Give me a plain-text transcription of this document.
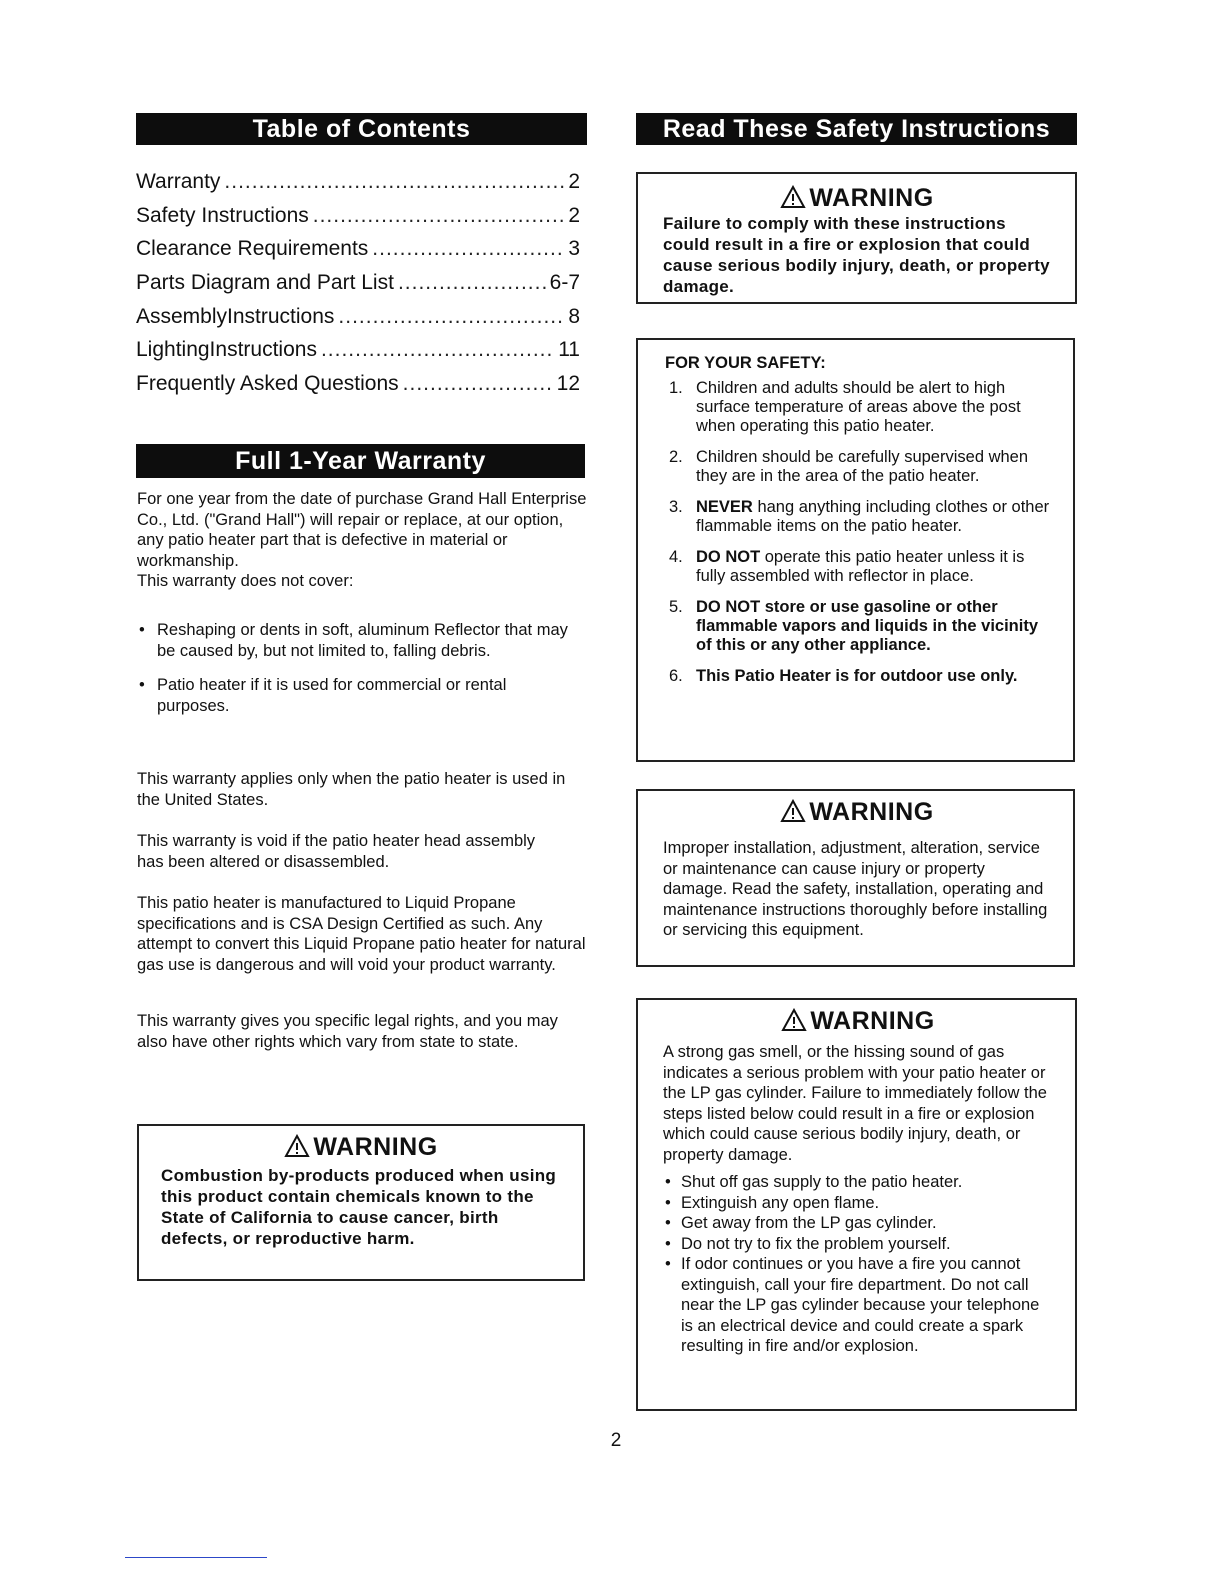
Table of Contents	Read These Safety Instructions
Full 1-Year Warranty
Warranty .....	2
Safety Instructions .....	2
Clearance Requirements .....	3
Parts Diagram and Part List .....	6-7
AssemblyInstructions .....	8
LightingInstructions .....	11
Frequently Asked Questions .....	12

For one year from the date of purchase Grand Hall Enterprise Co., Ltd. ("Grand Hall") will repair or replace, at our option, any patio heater part that is defective in material or workmanship.

This warranty does not cover:

• Reshaping or dents in soft, aluminum Reflector that may be caused by, but not limited to, falling debris.
• Patio heater if it is used for commercial or rental purposes.

This warranty applies only when the patio heater is used in the United States.

This warranty is void if the patio heater head assembly has been altered or disassembled.

This patio heater is manufactured to Liquid Propane specifications and is CSA Design Certified as such. Any attempt to convert this Liquid Propane patio heater for natural gas use is dangerous and will void your product warranty.

This warranty gives you specific legal rights, and you may also have other rights which vary from state to state.

WARNING
Combustion by-products produced when using this product contain chemicals known to the State of California to cause cancer, birth defects, or reproductive harm.
WARNING
Failure to comply with these instructions could result in a fire or explosion that could cause serious bodily injury, death, or property damage.
FOR YOUR SAFETY:
1. Children and adults should be alert to high surface temperature of areas above the post when operating this patio heater.
2. Children should be carefully supervised when they are in the area of the patio heater.
3. NEVER hang anything including clothes or other flammable items on the patio heater.
4. DO NOT operate this patio heater unless it is fully assembled with reflector in place.
5. DO NOT store or use gasoline or other flammable vapors and liquids in the vicinity of this or any other appliance.
6. This Patio Heater is for outdoor use only.
WARNING
Improper installation, adjustment, alteration, service or maintenance can cause injury or property damage. Read the safety, installation, operating and maintenance instructions thoroughly before installing or servicing this equipment.
WARNING
A strong gas smell, or the hissing sound of gas indicates a serious problem with your patio heater or the LP gas cylinder. Failure to immediately follow the steps listed below could result in a fire or explosion which could cause serious bodily injury, death, or property damage.
• Shut off gas supply to the patio heater.
• Extinguish any open flame.
• Get away from the LP gas cylinder.
• Do not try to fix the problem yourself.
• If odor continues or you have a fire you cannot extinguish, call your fire department. Do not call near the LP gas cylinder because your telephone is an electrical device and could create a spark resulting in fire and/or explosion.
2
